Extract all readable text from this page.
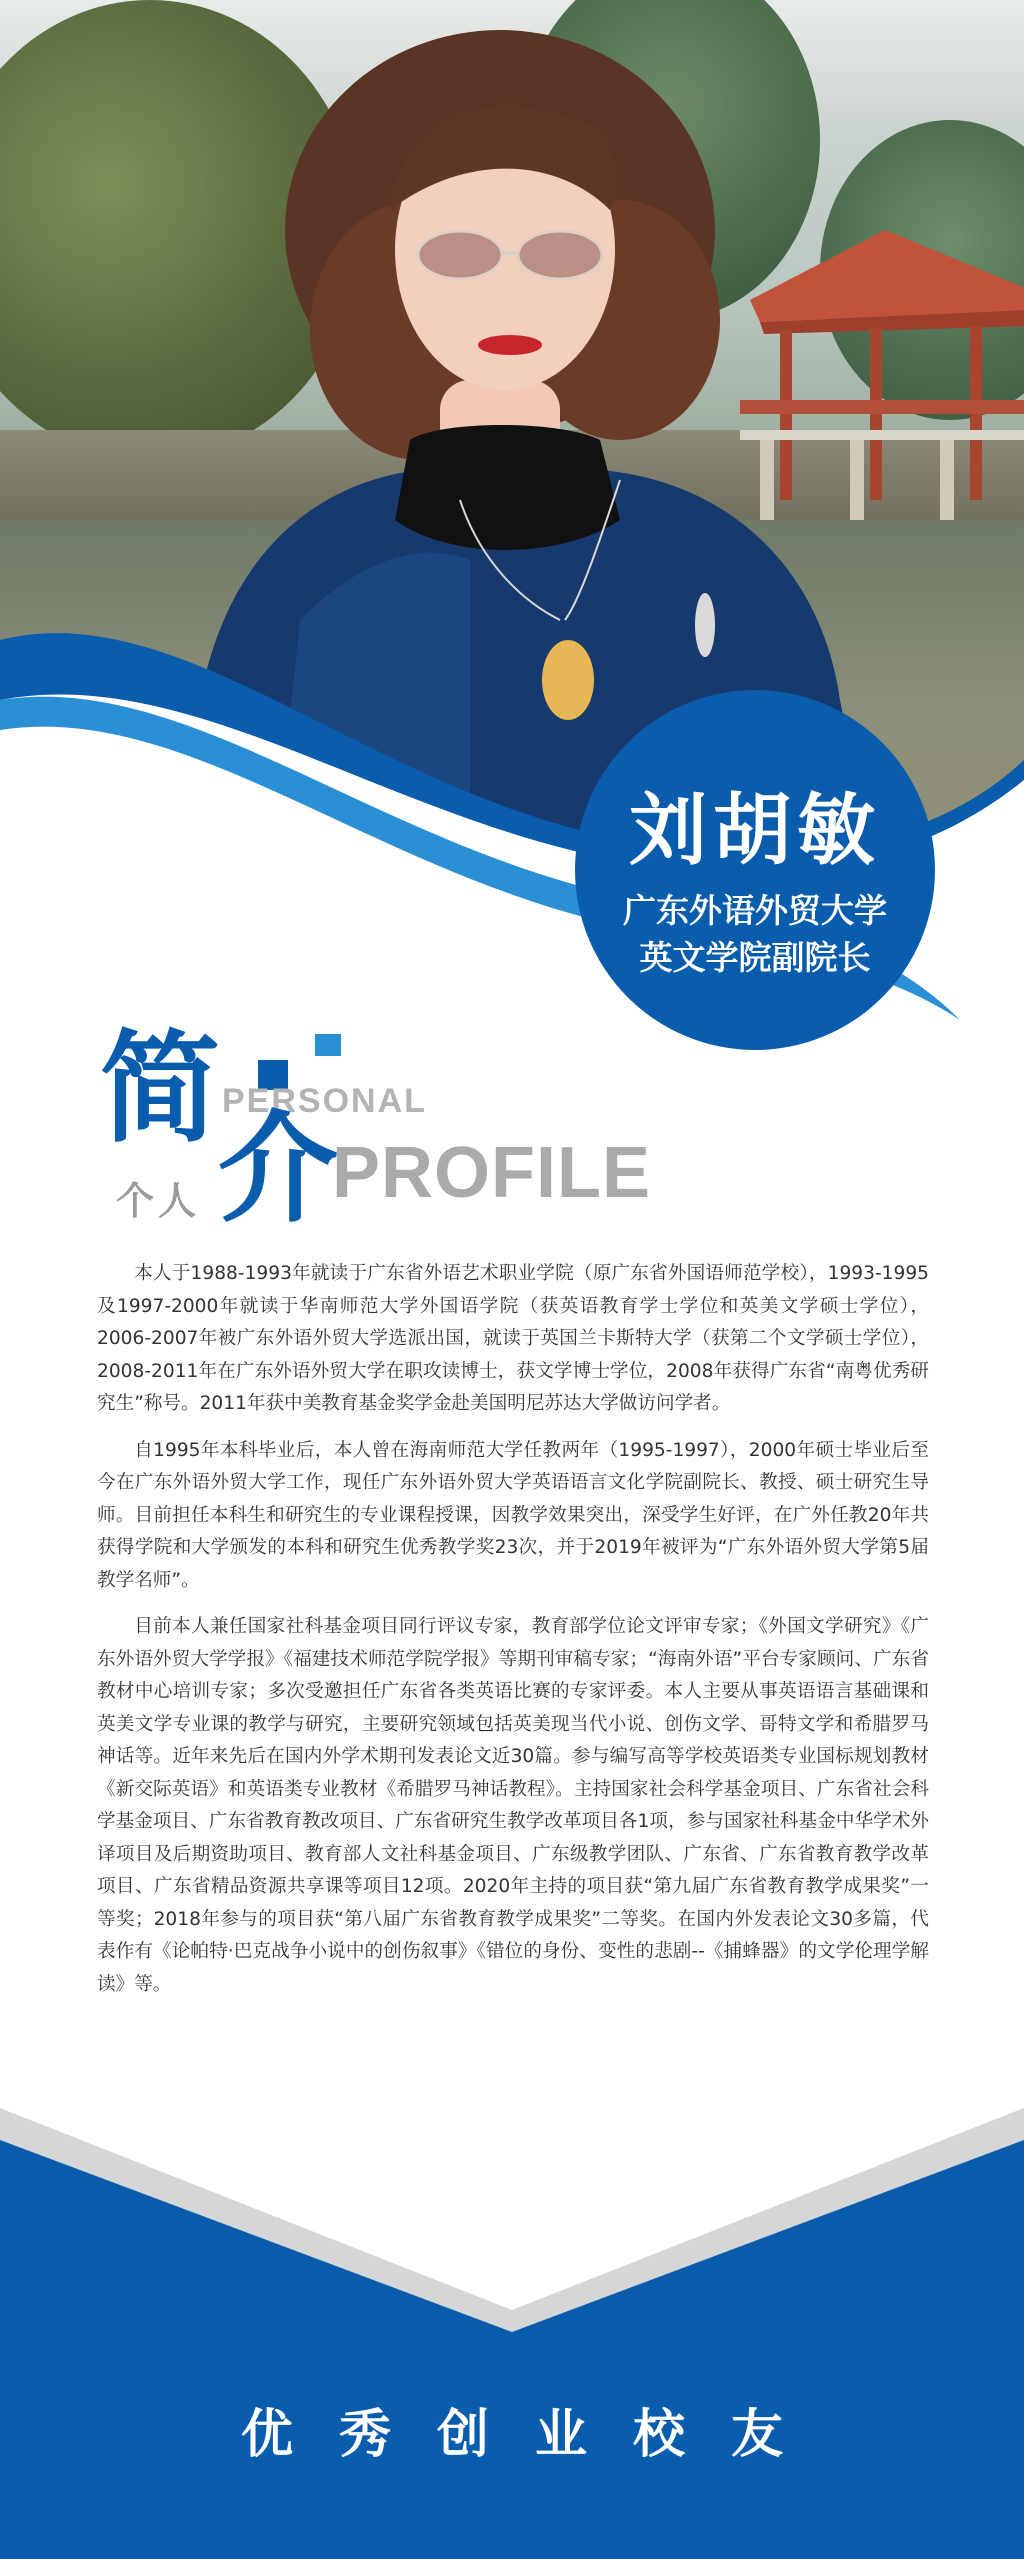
刘胡敏
广东外语外贸大学
英文学院副院长
简 PERSONAL
个人 介
PROFILE

本人于1988-1993年就读于广东省外语艺术职业学院（原广东省外国语师范学校），1993-1995及1997-2000年就读于华南师范大学外国语学院（获英语教育学士学位和英美文学硕士学位），2006-2007年被广东外语外贸大学选派出国，就读于英国兰卡斯特大学（获第二个文学硕士学位），2008-2011年在广东外语外贸大学在职攻读博士，获文学博士学位，2008年获得广东省“南粤优秀研究生”称号。2011年获中美教育基金奖学金赴美国明尼苏达大学做访问学者。

自1995年本科毕业后，本人曾在海南师范大学任教两年（1995-1997），2000年硕士毕业后至今在广东外语外贸大学工作，现任广东外语外贸大学英语语言文化学院副院长、教授、硕士研究生导师。目前担任本科生和研究生的专业课程授课，因教学效果突出，深受学生好评，在广外任教20年共获得学院和大学颁发的本科和研究生优秀教学奖23次，并于2019年被评为“广东外语外贸大学第5届教学名师”。

目前本人兼任国家社科基金项目同行评议专家，教育部学位论文评审专家；《外国文学研究》《广东外语外贸大学学报》《福建技术师范学院学报》等期刊审稿专家；“海南外语”平台专家顾问、广东省教材中心培训专家；多次受邀担任广东省各类英语比赛的专家评委。本人主要从事英语语言基础课和英美文学专业课的教学与研究，主要研究领域包括英美现当代小说、创伤文学、哥特文学和希腊罗马神话等。近年来先后在国内外学术期刊发表论文近30篇。参与编写高等学校英语类专业国标规划教材《新交际英语》和英语类专业教材《希腊罗马神话教程》。主持国家社会科学基金项目、广东省社会科学基金项目、广东省教育教改项目、广东省研究生教学改革项目各1项，参与国家社科基金中华学术外译项目及后期资助项目、教育部人文社科基金项目、广东级教学团队、广东省、广东省教育教学改革项目、广东省精品资源共享课等项目12项。2020年主持的项目获“第九届广东省教育教学成果奖”一等奖；2018年参与的项目获“第八届广东省教育教学成果奖”二等奖。在国内外发表论文30多篇，代表作有《论帕特·巴克战争小说中的创伤叙事》《错位的身份、变性的悲剧--《捕蜂器》的文学伦理学解读》等。

优秀创业校友
